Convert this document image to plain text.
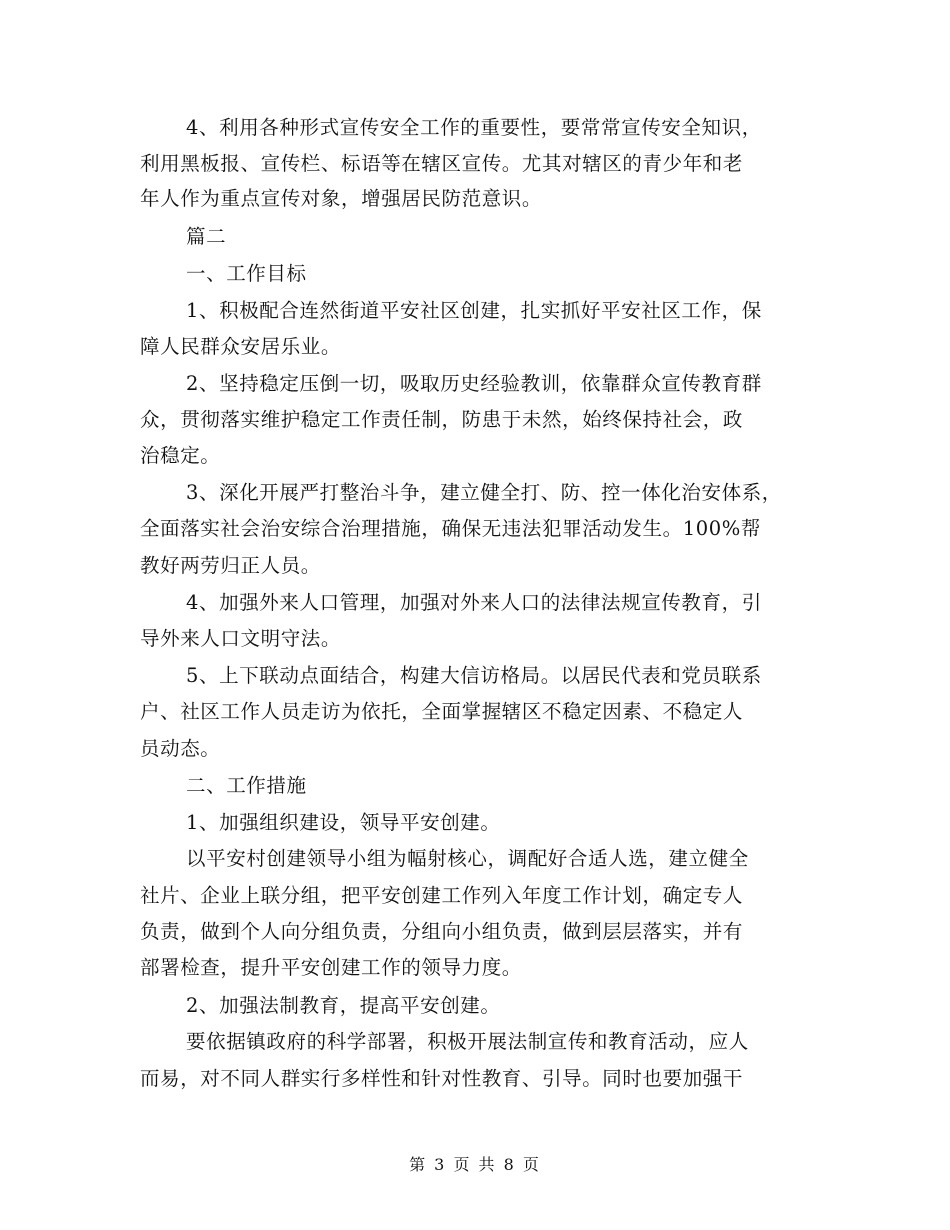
4、利用各种形式宣传安全工作的重要性，要常常宣传安全知识，
利用黑板报、宣传栏、标语等在辖区宣传。尤其对辖区的青少年和老
年人作为重点宣传对象，增强居民防范意识。
篇二
一、工作目标
1、积极配合连然街道平安社区创建，扎实抓好平安社区工作，保
障人民群众安居乐业。
2、坚持稳定压倒一切，吸取历史经验教训，依靠群众宣传教育群
众，贯彻落实维护稳定工作责任制，防患于未然，始终保持社会，政
治稳定。
3、深化开展严打整治斗争，建立健全打、防、控一体化治安体系，
全面落实社会治安综合治理措施，确保无违法犯罪活动发生。100%帮
教好两劳归正人员。
4、加强外来人口管理，加强对外来人口的法律法规宣传教育，引
导外来人口文明守法。
5、上下联动点面结合，构建大信访格局。以居民代表和党员联系
户、社区工作人员走访为依托，全面掌握辖区不稳定因素、不稳定人
员动态。
二、工作措施
1、加强组织建设，领导平安创建。
以平安村创建领导小组为幅射核心，调配好合适人选，建立健全
社片、企业上联分组，把平安创建工作列入年度工作计划，确定专人
负责，做到个人向分组负责，分组向小组负责，做到层层落实，并有
部署检查，提升平安创建工作的领导力度。
2、加强法制教育，提高平安创建。
要依据镇政府的科学部署，积极开展法制宣传和教育活动，应人
而易，对不同人群实行多样性和针对性教育、引导。同时也要加强干
第 3 页 共 8 页
